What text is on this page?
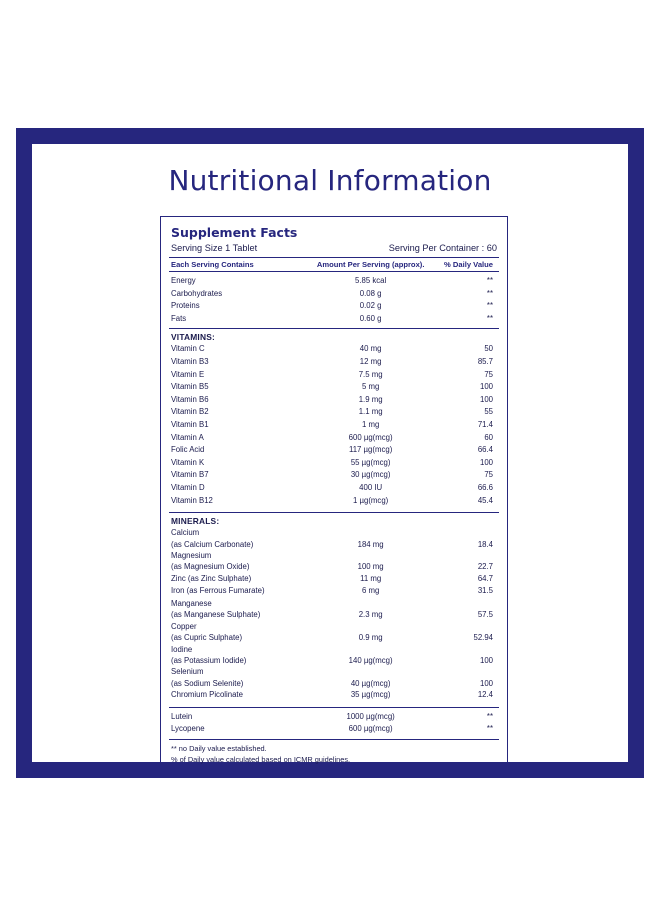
Nutritional Information
Supplement Facts
Serving Size 1 Tablet	Serving Per Container : 60
Each Serving Contains	Amount Per Serving (approx).	% Daily Value
Energy	5.85 kcal	**
Carbohydrates	0.08 g	**
Proteins	0.02 g	**
Fats	0.60 g	**
VITAMINS:
Vitamin C	40 mg	50
Vitamin B3	12 mg	85.7
Vitamin E	7.5 mg	75
Vitamin B5	5 mg	100
Vitamin B6	1.9 mg	100
Vitamin B2	1.1 mg	55
Vitamin B1	1 mg	71.4
Vitamin A	600 µg(mcg)	60
Folic Acid	117 µg(mcg)	66.4
Vitamin K	55 µg(mcg)	100
Vitamin B7	30 µg(mcg)	75
Vitamin D	400 IU	66.6
Vitamin B12	1 µg(mcg)	45.4
MINERALS:
Calcium
(as Calcium Carbonate)	184 mg	18.4
Magnesium
(as Magnesium Oxide)	100 mg	22.7
Zinc (as Zinc Sulphate)	11 mg	64.7
Iron (as Ferrous Fumarate)	6 mg	31.5
Manganese
(as Manganese Sulphate)	2.3 mg	57.5
Copper
(as Cupric Sulphate)	0.9 mg	52.94
Iodine
(as Potassium Iodide)	140 µg(mcg)	100
Selenium
(as Sodium Selenite)	40 µg(mcg)	100
Chromium Picolinate	35 µg(mcg)	12.4
Lutein	1000 µg(mcg)	**
Lycopene	600 µg(mcg)	**
** no Daily value established.
% of Daily value calculated based on ICMR guidelines.
